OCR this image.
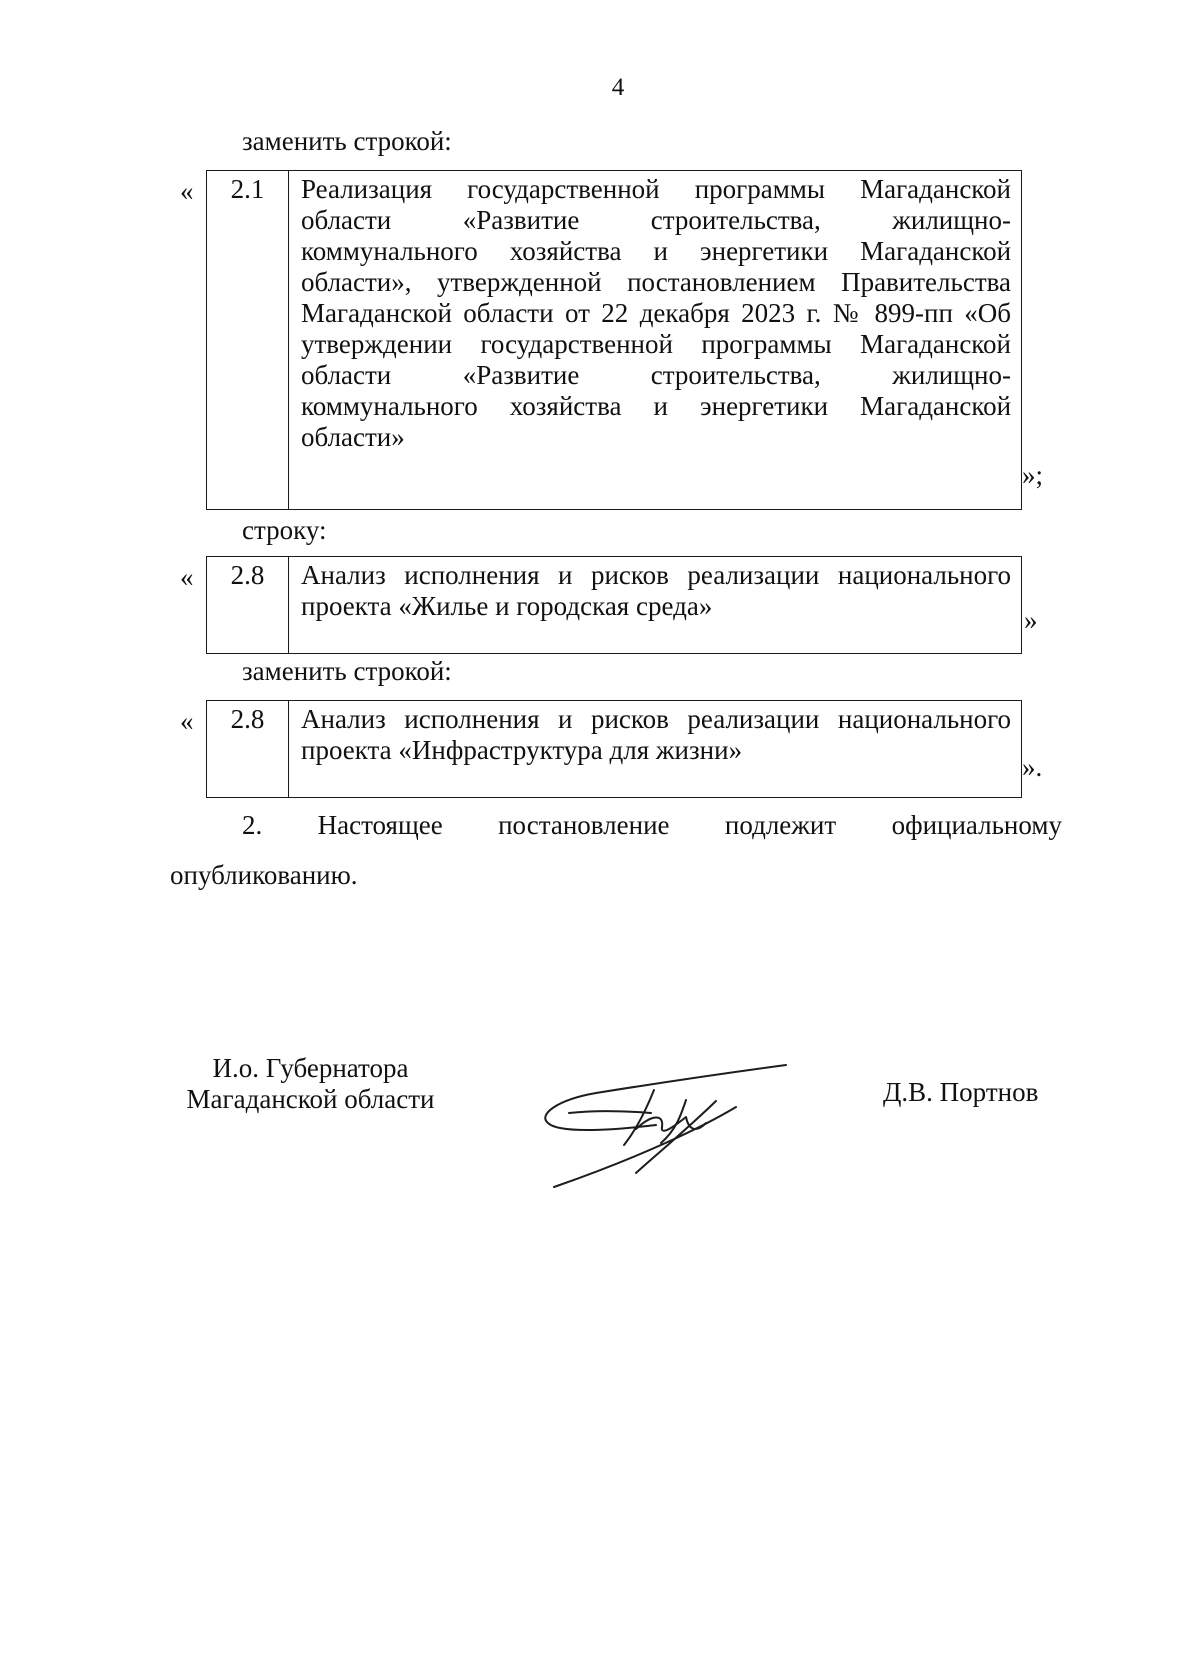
4
заменить строкой:
«	2.1	Реализация государственной программы Магаданской
области	«Развитие	строительства,	жилищно-
коммунального хозяйства и энергетики Магаданской
области», утвержденной постановлением Правительства
Магаданской области от 22 декабря 2023 г. № 899-пп «Об
утверждении государственной программы Магаданской
области	«Развитие	строительства,	жилищно-
коммунального хозяйства и энергетики Магаданской
области»
»;
строку:
«	2.8	Анализ исполнения и рисков реализации национального
проекта «Жилье и городская среда»	»
заменить строкой:
«	2.8	Анализ исполнения и рисков реализации национального
проекта «Инфраструктура для жизни»
».
2. Настоящее постановление подлежит официальному
опубликованию.
И.о. Губернатора
Магаданской области	Д.В. Портнов
